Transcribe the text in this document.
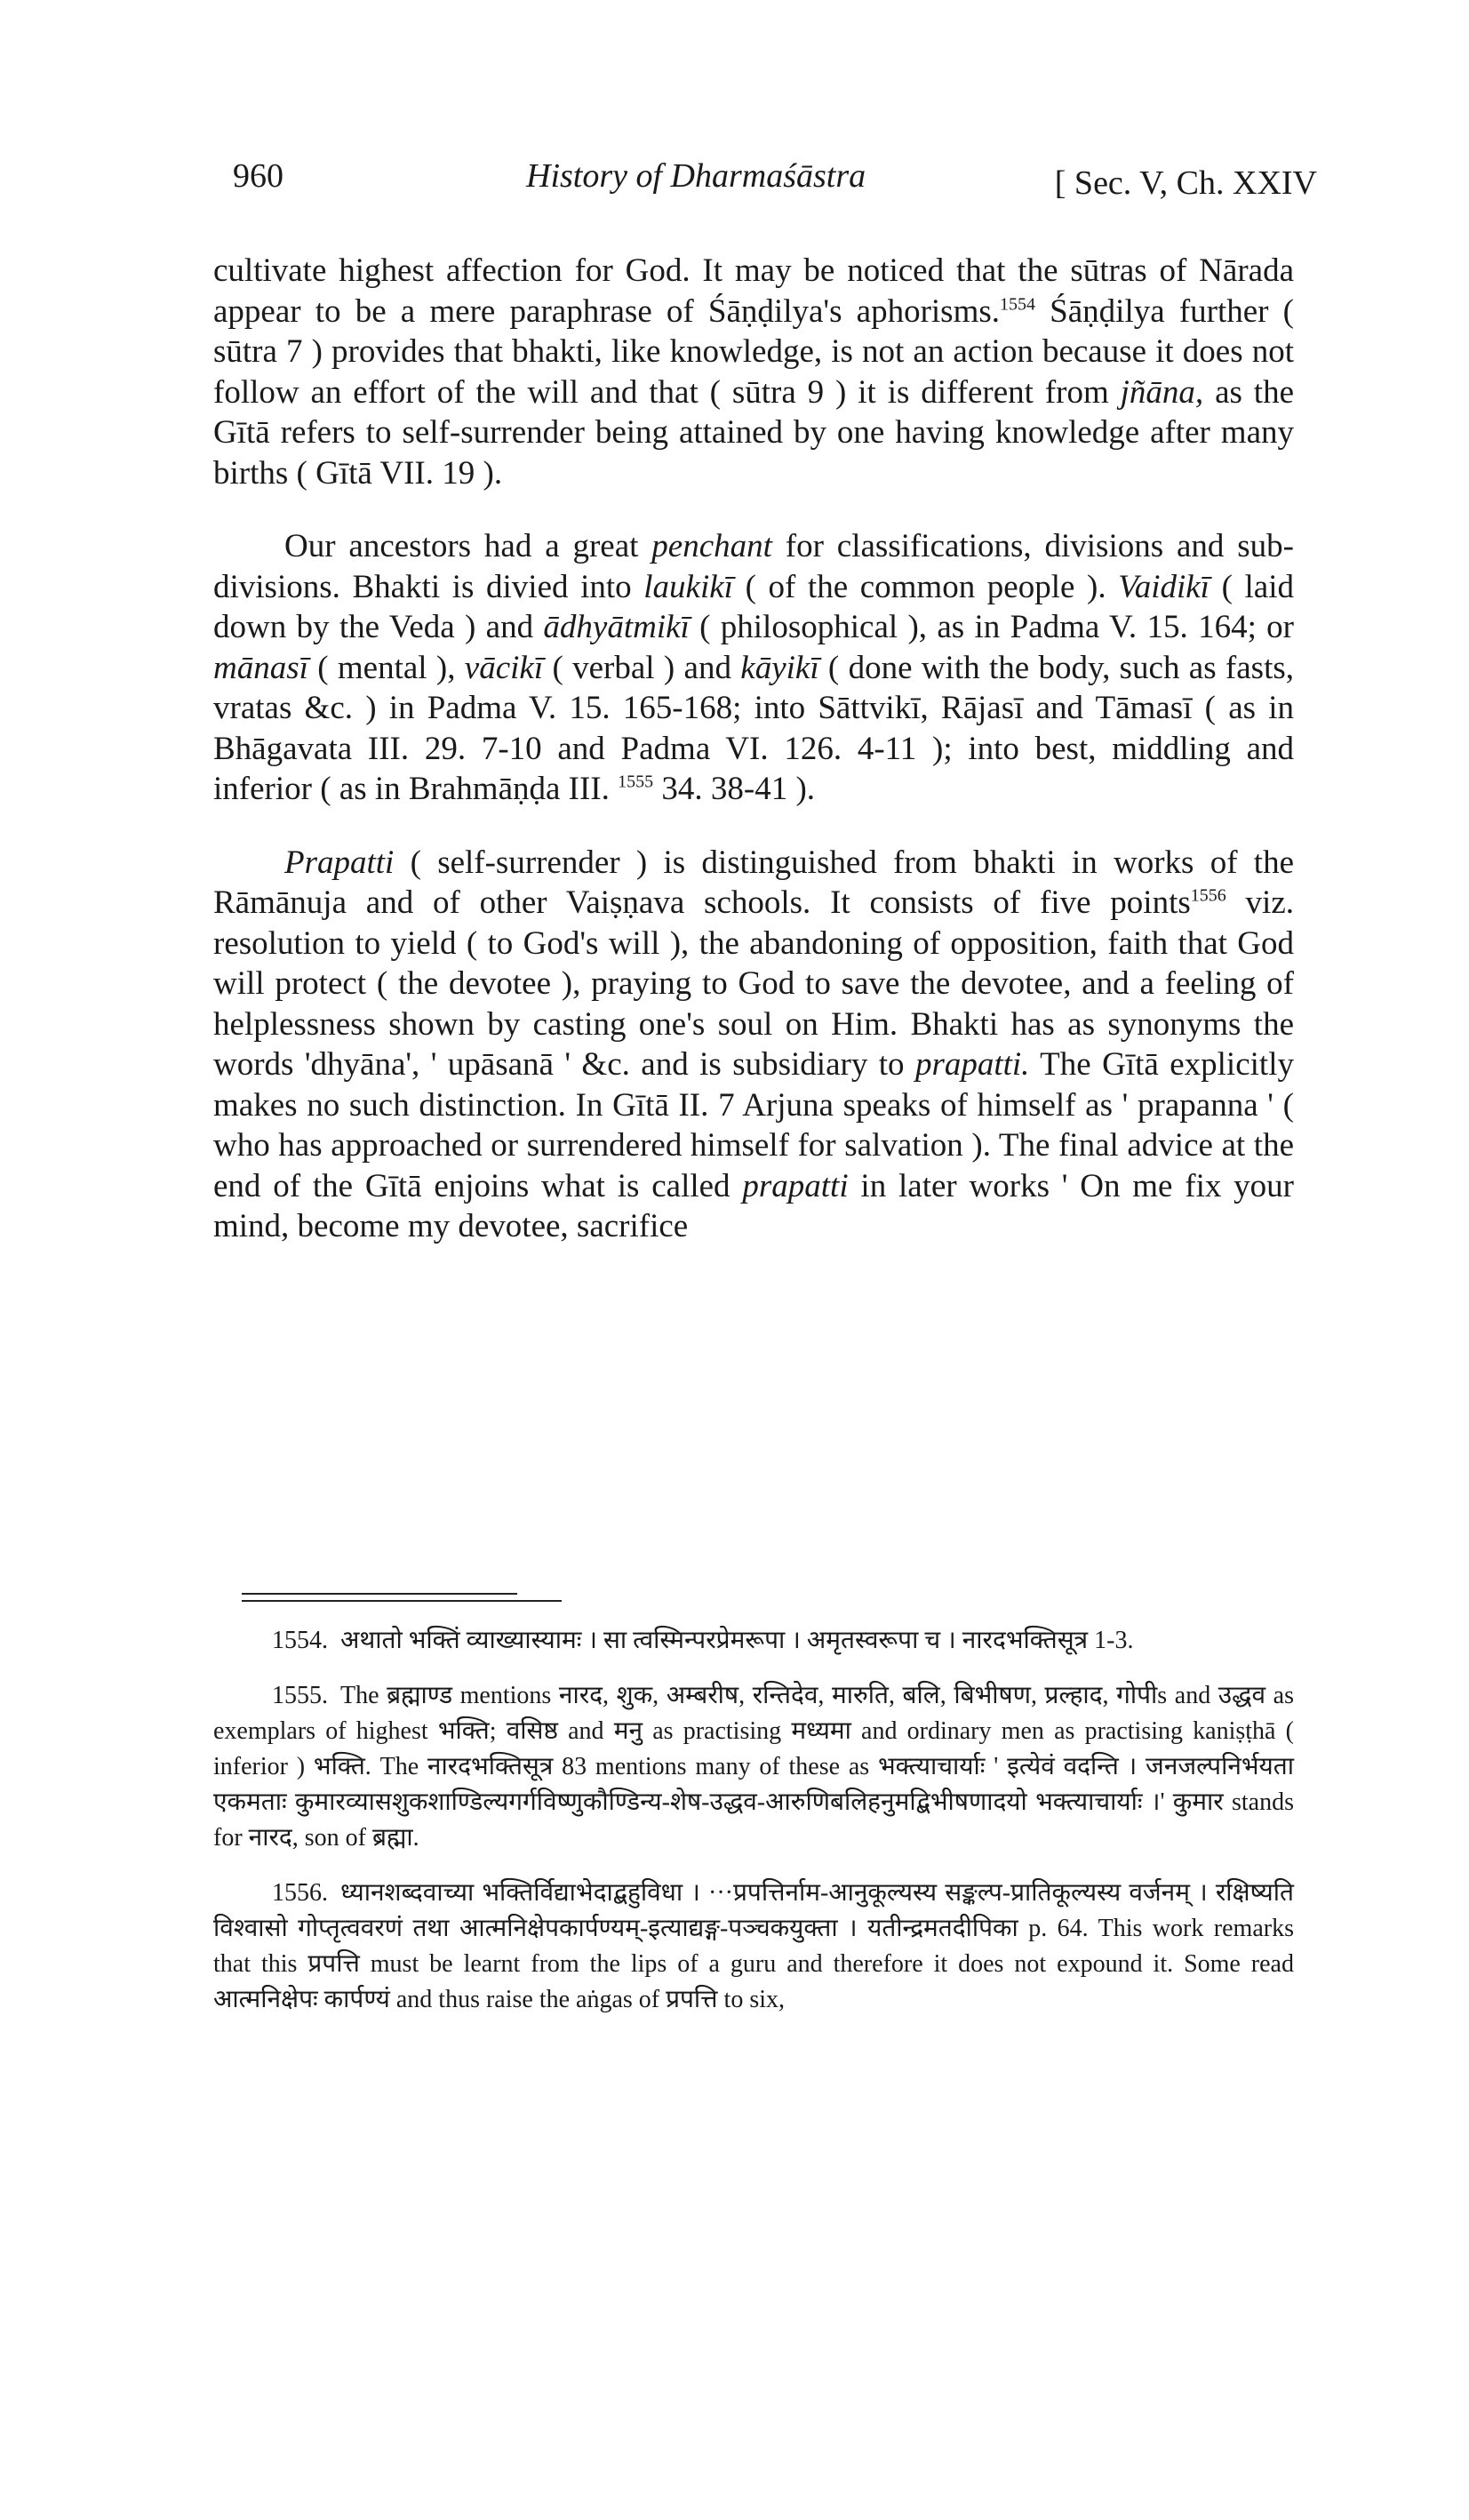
960	History of Dharmaśāstra	[ Sec. V, Ch. XXIV

cultivate highest affection for God. It may be noticed that the sūtras of Nārada appear to be a mere paraphrase of Śāṇḍilya's aphorisms.$^{1554}$ Śāṇḍilya further ( sūtra 7 ) provides that bhakti, like knowledge, is not an action because it does not follow an effort of the will and that ( sūtra 9 ) it is different from jñāna, as the Gītā refers to self-surrender being attained by one having knowledge after many births ( Gītā VII. 19 ).

Our ancestors had a great penchant for classifications, divisions and sub-divisions. Bhakti is divied into laukikī ( of the common people ). Vaidikī ( laid down by the Veda ) and ādhyātmikī ( philosophical ), as in Padma V. 15. 164; or mānasī ( mental ), vācikī ( verbal ) and kāyikī ( done with the body, such as fasts, vratas &c. ) in Padma V. 15. 165-168; into Sāttvikī, Rājasī and Tāmasī ( as in Bhāgavata III. 29. 7-10 and Padma VI. 126. 4-11 ); into best, middling and inferior ( as in Brahmāṇḍa III. $^{1555}$ 34. 38-41 ).

Prapatti ( self-surrender ) is distinguished from bhakti in works of the Rāmānuja and of other Vaiṣṇava schools. It consists of five points$^{1556}$ viz. resolution to yield ( to God's will ), the abandoning of opposition, faith that God will protect ( the devotee ), praying to God to save the devotee, and a feeling of helplessness shown by casting one's soul on Him. Bhakti has as synonyms the words 'dhyāna', ' upāsanā ' &c. and is subsidiary to prapatti. The Gītā explicitly makes no such distinction. In Gītā II. 7 Arjuna speaks of himself as ' prapanna ' ( who has approached or surrendered himself for salvation ). The final advice at the end of the Gītā enjoins what is called prapatti in later works ' On me fix your mind, become my devotee, sacrifice

1554. अथातो भक्तिं व्याख्यास्यामः । सा त्वस्मिन्परप्रेमरूपा । अमृतस्वरूपा च । नारदभक्तिसूत्र 1-3.

1555. The ब्रह्माण्ड mentions नारद, शुक, अम्बरीष, रन्तिदेव, मारुति, बलि, बिभीषण, प्रल्हाद, गोपीs and उद्धव as exemplars of highest भक्ति; वसिष्ठ and मनु as practising मध्यमा and ordinary men as practising kaniṣṭhā ( inferior ) भक्ति. The नारदभक्तिसूत्र 83 mentions many of these as भक्त्याचार्याः ' इत्येवं वदन्ति । जनजल्पनिर्भयता एकमताः कुमारव्यासशुकशाण्डिल्यगर्गविष्णुकौण्डिन्य-शेष-उद्धव-आरुणिबलिहनुमद्बिभीषणादयो भक्त्याचार्याः ।' कुमार stands for नारद, son of ब्रह्मा.

1556. ध्यानशब्दवाच्या भक्तिर्विद्याभेदाद्बहुविधा । ···प्रपत्तिर्नाम-आनुकूल्यस्य सङ्कल्प-प्रातिकूल्यस्य वर्जनम् । रक्षिष्यति विश्वासो गोप्तृत्ववरणं तथा आत्मनिक्षेपकार्पण्यम्-इत्याद्यङ्ग-पञ्चकयुक्ता । यतीन्द्रमतदीपिका p. 64. This work remarks that this प्रपत्ति must be learnt from the lips of a guru and therefore it does not expound it. Some read आत्मनिक्षेपः कार्पण्यं and thus raise the aṅgas of प्रपत्ति to six,
